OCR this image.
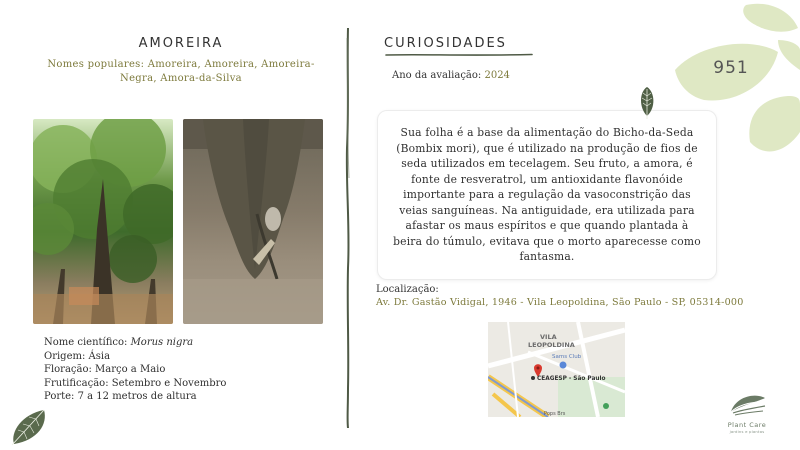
AMOREIRA
Nomes populares: Amoreira, Amoreira, Amoreira-Negra, Amora-da-Silva
Nome científico: Morus nigra
Origem: Ásia
Floração: Março a Maio
Frutificação: Setembro e Novembro
Porte: 7 a 12 metros de altura
CURIOSIDADES
Ano da avaliação: 2024
Sua folha é a base da alimentação do Bicho-da-Seda (Bombix mori), que é utilizado na produção de fios de seda utilizados em tecelagem. Seu fruto, a amora, é fonte de resveratrol, um antioxidante flavonóide importante para a regulação da vasoconstrição das veias sanguíneas. Na antiguidade, era utilizada para afastar os maus espíritos e que quando plantada à beira do túmulo, evitava que o morto aparecesse como fantasma.
Localização:
Av. Dr. Gastão Vidigal, 1946 - Vila Leopoldina, São Paulo - SP, 05314-000
VILA
LEOPOLDINA
Sams Club
CEAGESP - São Paulo
Pops Brs
951
Plant Care
jardins e plantas
